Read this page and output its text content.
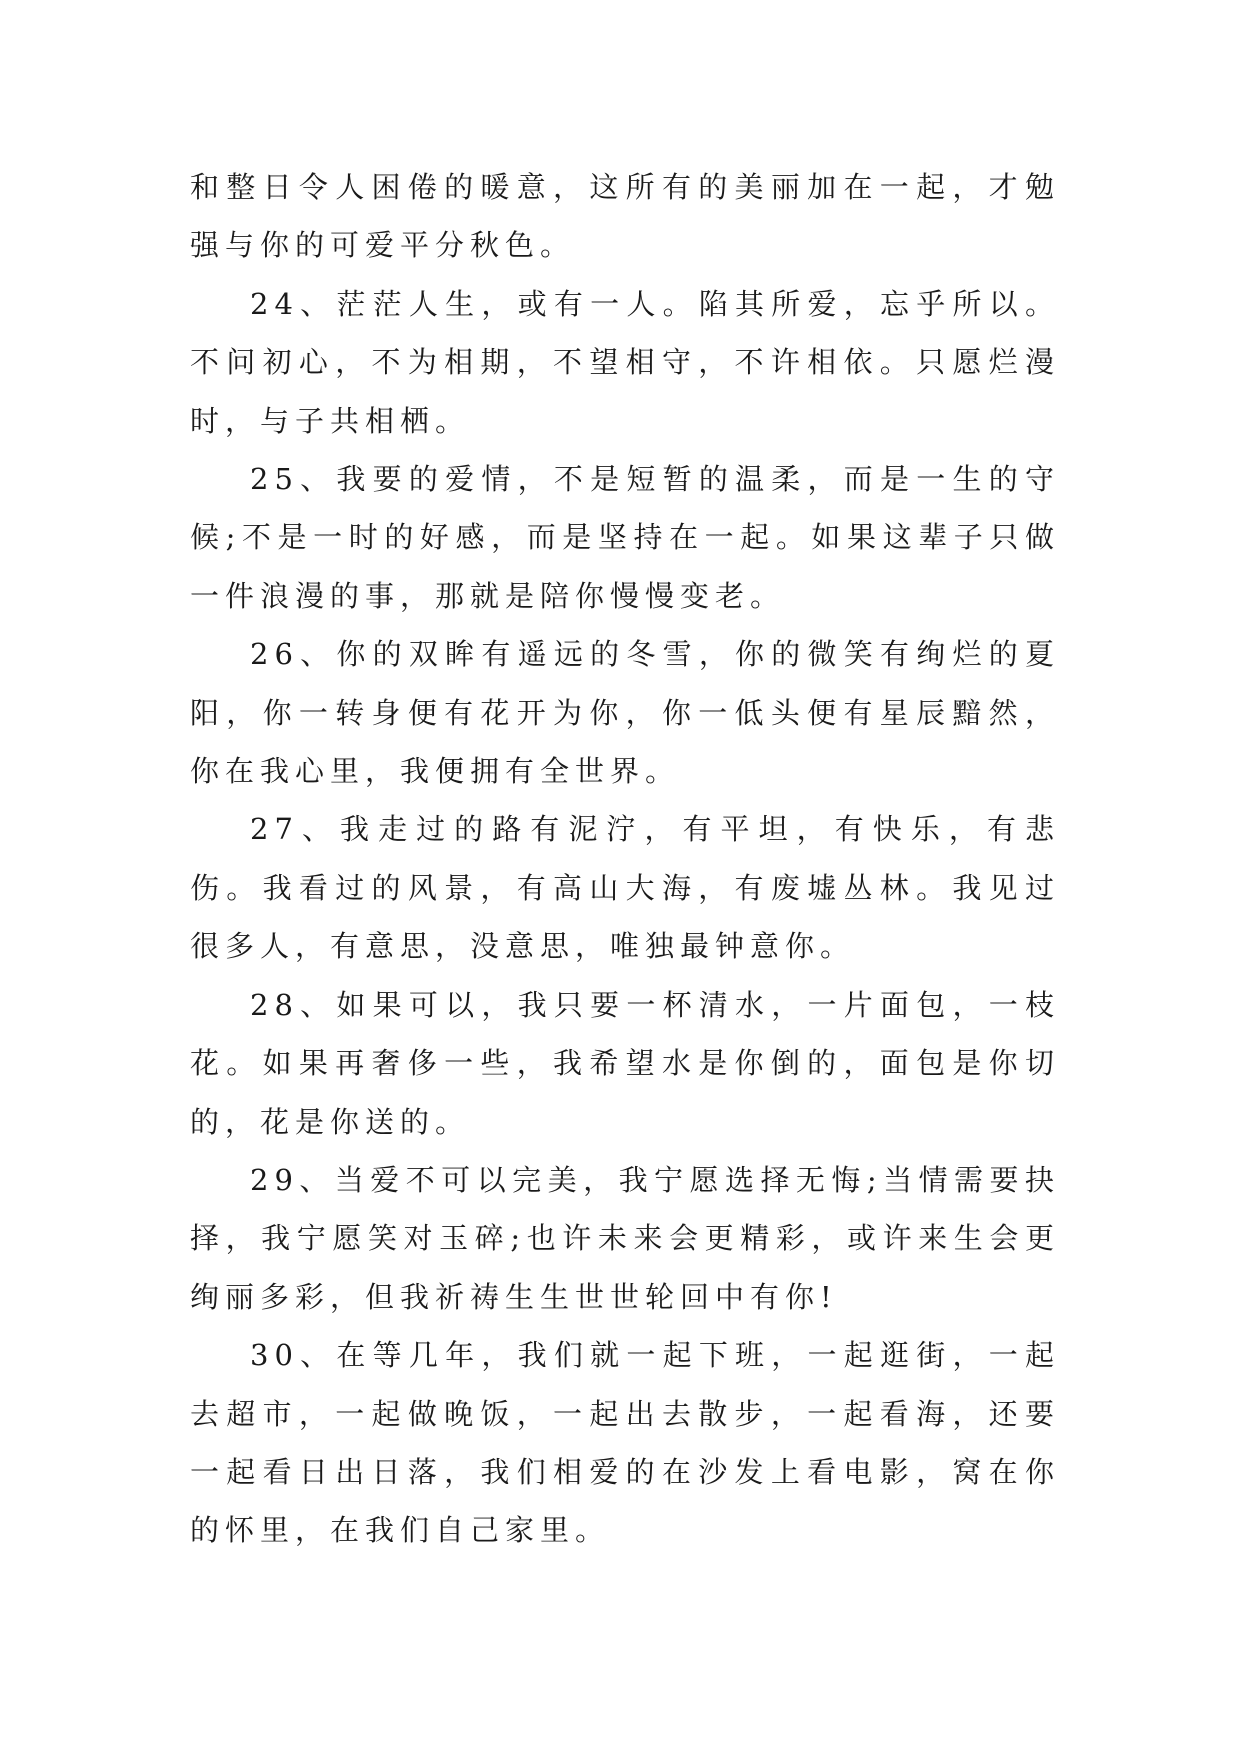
和整日令人困倦的暖意，这所有的美丽加在一起，才勉强与你的可爱平分秋色。

24、茫茫人生，或有一人。陷其所爱，忘乎所以。不问初心，不为相期，不望相守，不许相依。只愿烂漫时，与子共相栖。

25、我要的爱情，不是短暂的温柔，而是一生的守候;不是一时的好感，而是坚持在一起。如果这辈子只做一件浪漫的事，那就是陪你慢慢变老。

26、你的双眸有遥远的冬雪，你的微笑有绚烂的夏阳，你一转身便有花开为你，你一低头便有星辰黯然，你在我心里，我便拥有全世界。

27、我走过的路有泥泞，有平坦，有快乐，有悲伤。我看过的风景，有高山大海，有废墟丛林。我见过很多人，有意思，没意思，唯独最钟意你。

28、如果可以，我只要一杯清水，一片面包，一枝花。如果再奢侈一些，我希望水是你倒的，面包是你切的，花是你送的。

29、当爱不可以完美，我宁愿选择无悔;当情需要抉择，我宁愿笑对玉碎;也许未来会更精彩，或许来生会更绚丽多彩，但我祈祷生生世世轮回中有你!

30、在等几年，我们就一起下班，一起逛街，一起去超市，一起做晚饭，一起出去散步，一起看海，还要一起看日出日落，我们相爱的在沙发上看电影，窝在你的怀里，在我们自己家里。
